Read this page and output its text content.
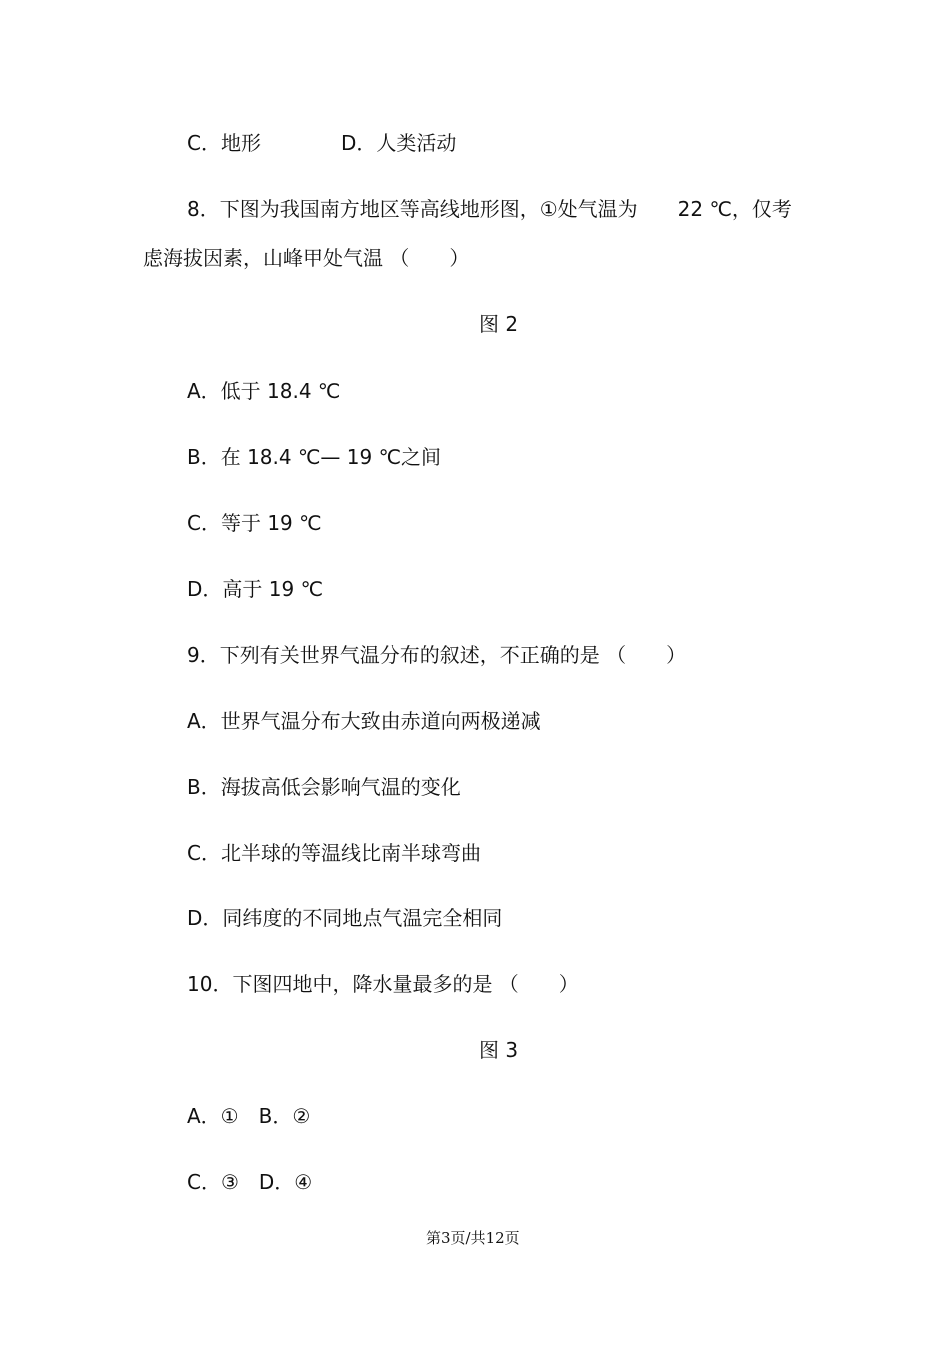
C．地形　　　　D．人类活动
8．下图为我国南方地区等高线地形图，①处气温为　　22 ℃，仅考
虑海拔因素，山峰甲处气温 （　　）
图 2
A．低于 18.4 ℃
B．在 18.4 ℃— 19 ℃之间
C．等于 19 ℃
D．高于 19 ℃
9．下列有关世界气温分布的叙述，不正确的是 （　　）
A．世界气温分布大致由赤道向两极递减
B．海拔高低会影响气温的变化
C．北半球的等温线比南半球弯曲
D．同纬度的不同地点气温完全相同
10．下图四地中，降水量最多的是 （　　）
图 3
A．①　B．②
C．③　D．④
第3页/共12页
